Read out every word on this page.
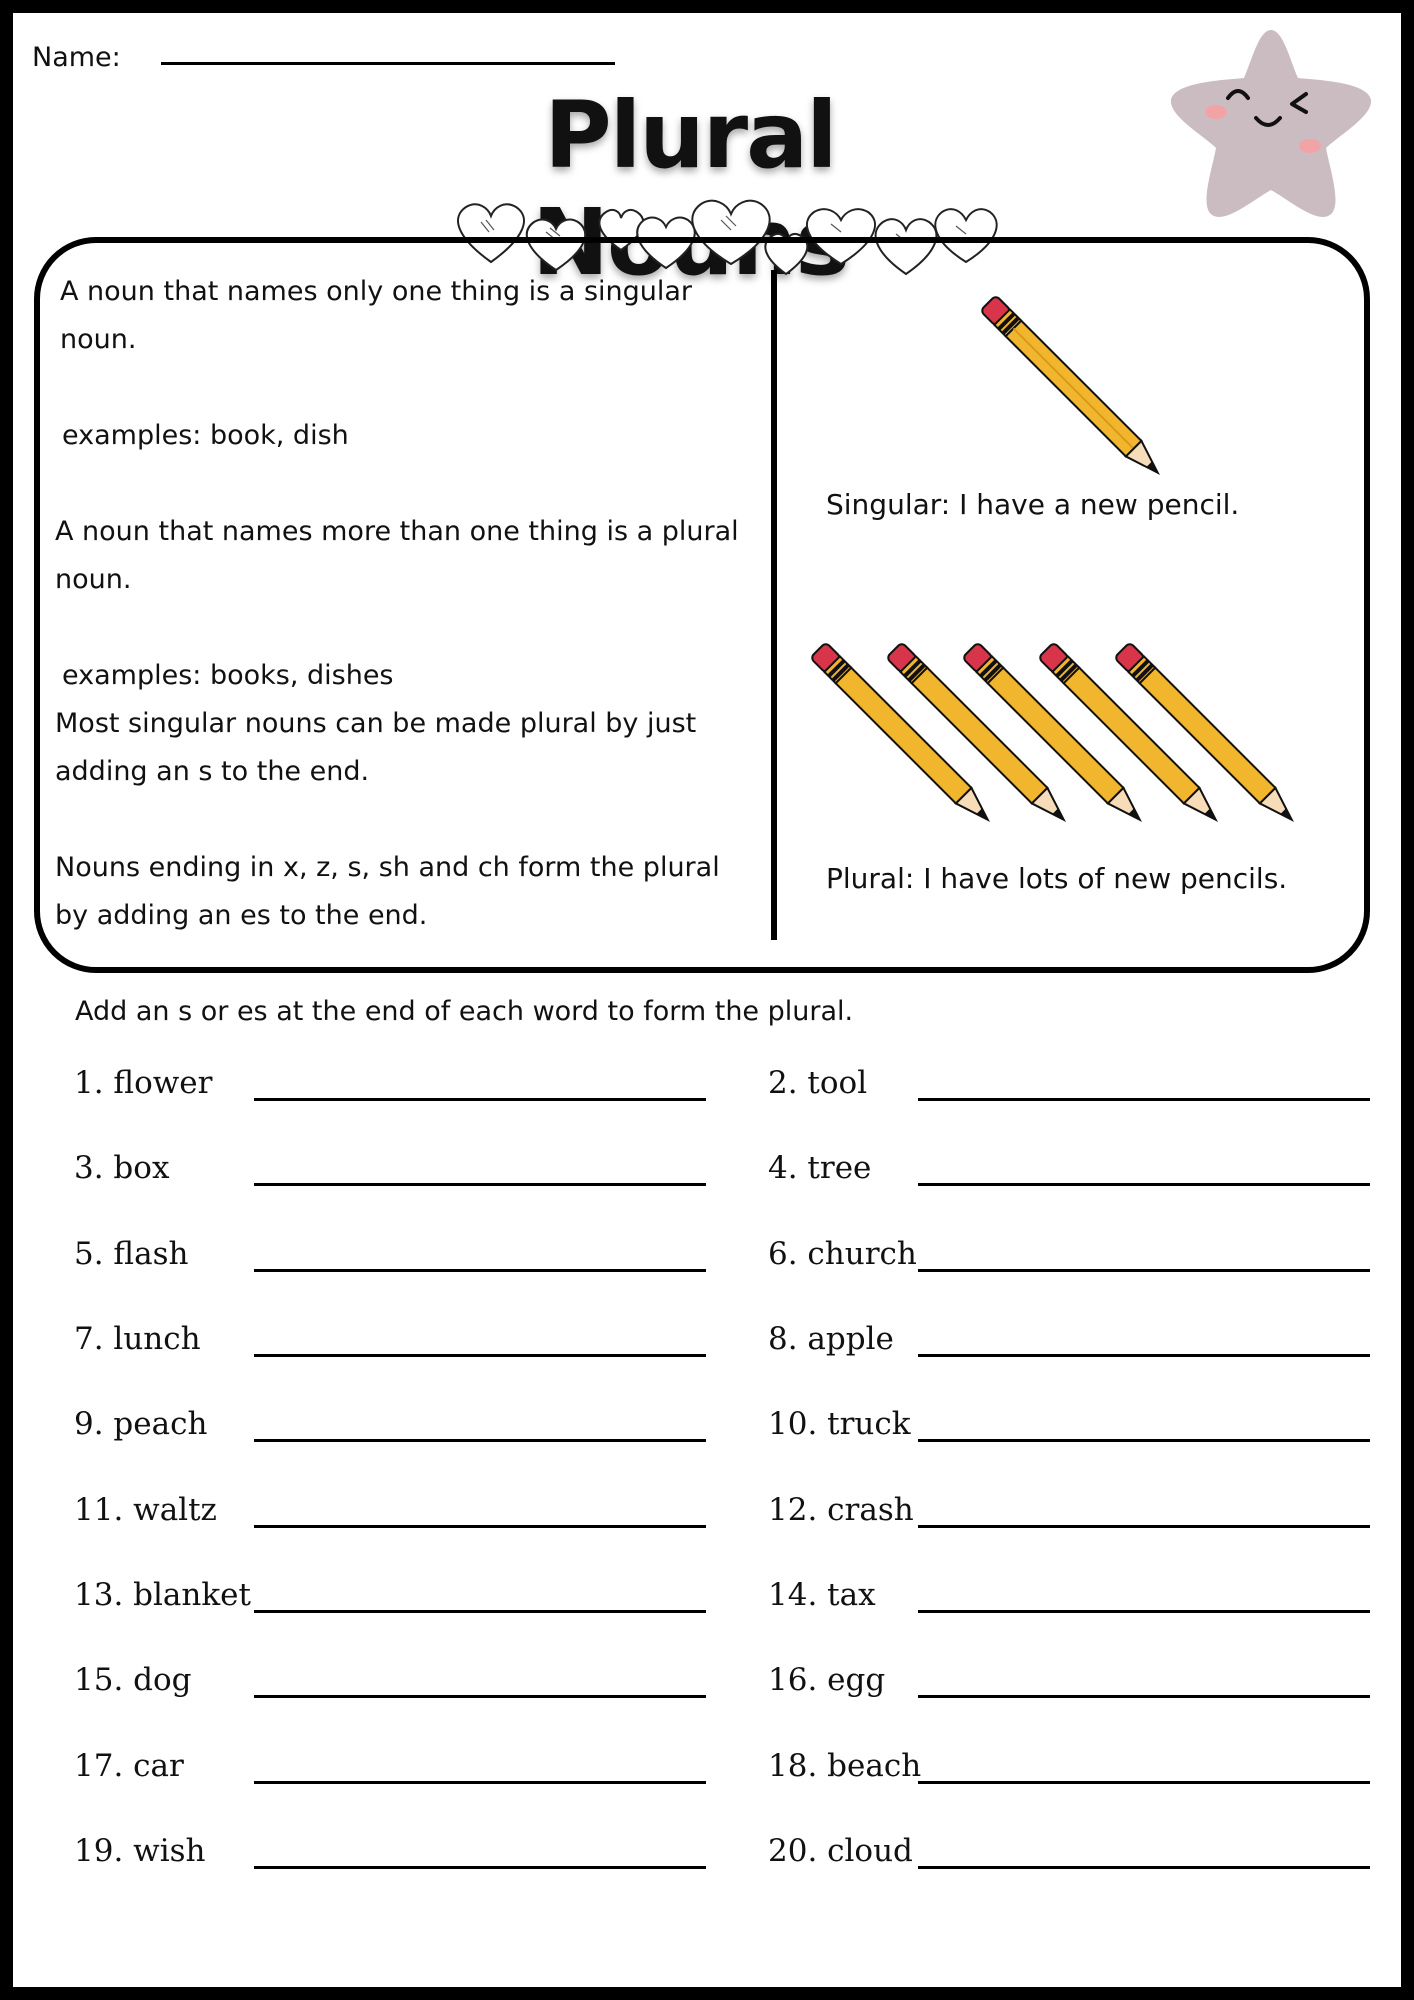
Name:
Plural
A noun that names only one thing is a singular noun.
examples: book, dish
A noun that names more than one thing is a plural noun.
examples: books, dishes
Most singular nouns can be made plural by just adding an s to the end.
Nouns ending in x, z, s, sh and ch form the plural by adding an es to the end.
Singular: I have a new pencil.
Plural: I have lots of new pencils.
Add an s or es at the end of each word to form the plural.
1. flower	2. tool
3. box	4. tree
5. flash	6. church
7. lunch	8. apple
9. peach	10. truck
11. waltz	12. crash
13. blanket	14. tax
15. dog	16. egg
17. car	18. beach
19. wish	20. cloud
